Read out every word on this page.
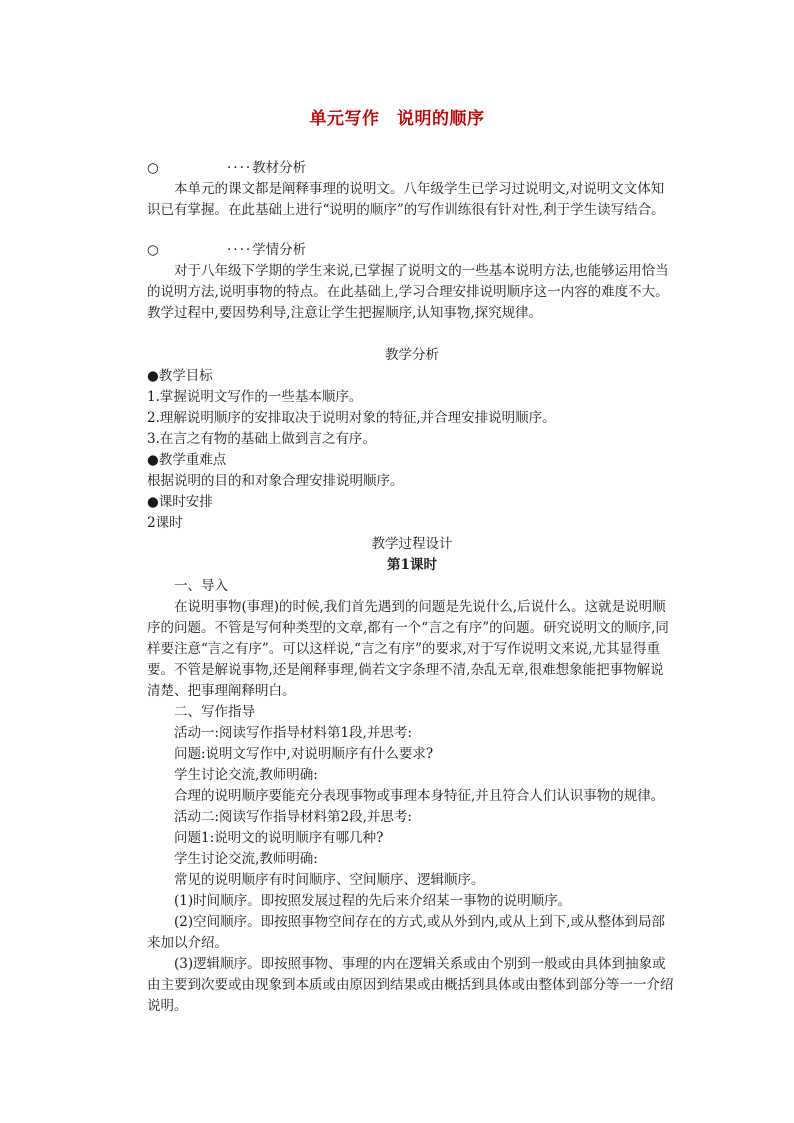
单元写作　说明的顺序

○	····教材分析

本单元的课文都是阐释事理的说明文。八年级学生已学习过说明文,对说明文文体知识已有掌握。在此基础上进行“说明的顺序”的写作训练很有针对性,利于学生读写结合。

○	····学情分析

对于八年级下学期的学生来说,已掌握了说明文的一些基本说明方法,也能够运用恰当的说明方法,说明事物的特点。在此基础上,学习合理安排说明顺序这一内容的难度不大。教学过程中,要因势利导,注意让学生把握顺序,认知事物,探究规律。

教学分析

●教学目标

1.掌握说明文写作的一些基本顺序。

2.理解说明顺序的安排取决于说明对象的特征,并合理安排说明顺序。

3.在言之有物的基础上做到言之有序。

●教学重难点

根据说明的目的和对象合理安排说明顺序。

●课时安排

2课时

教学过程设计

第1课时

一、导入

在说明事物(事理)的时候,我们首先遇到的问题是先说什么,后说什么。这就是说明顺序的问题。不管是写何种类型的文章,都有一个“言之有序”的问题。研究说明文的顺序,同样要注意“言之有序”。可以这样说,“言之有序”的要求,对于写作说明文来说,尤其显得重要。不管是解说事物,还是阐释事理,倘若文字条理不清,杂乱无章,很难想象能把事物解说清楚、把事理阐释明白。

二、写作指导

活动一:阅读写作指导材料第1段,并思考:

问题:说明文写作中,对说明顺序有什么要求?

学生讨论交流,教师明确:

合理的说明顺序要能充分表现事物或事理本身特征,并且符合人们认识事物的规律。

活动二:阅读写作指导材料第2段,并思考:

问题1:说明文的说明顺序有哪几种?

学生讨论交流,教师明确:

常见的说明顺序有时间顺序、空间顺序、逻辑顺序。

(1)时间顺序。即按照发展过程的先后来介绍某一事物的说明顺序。

(2)空间顺序。即按照事物空间存在的方式,或从外到内,或从上到下,或从整体到局部来加以介绍。

(3)逻辑顺序。即按照事物、事理的内在逻辑关系或由个别到一般或由具体到抽象或由主要到次要或由现象到本质或由原因到结果或由概括到具体或由整体到部分等一一介绍说明。
